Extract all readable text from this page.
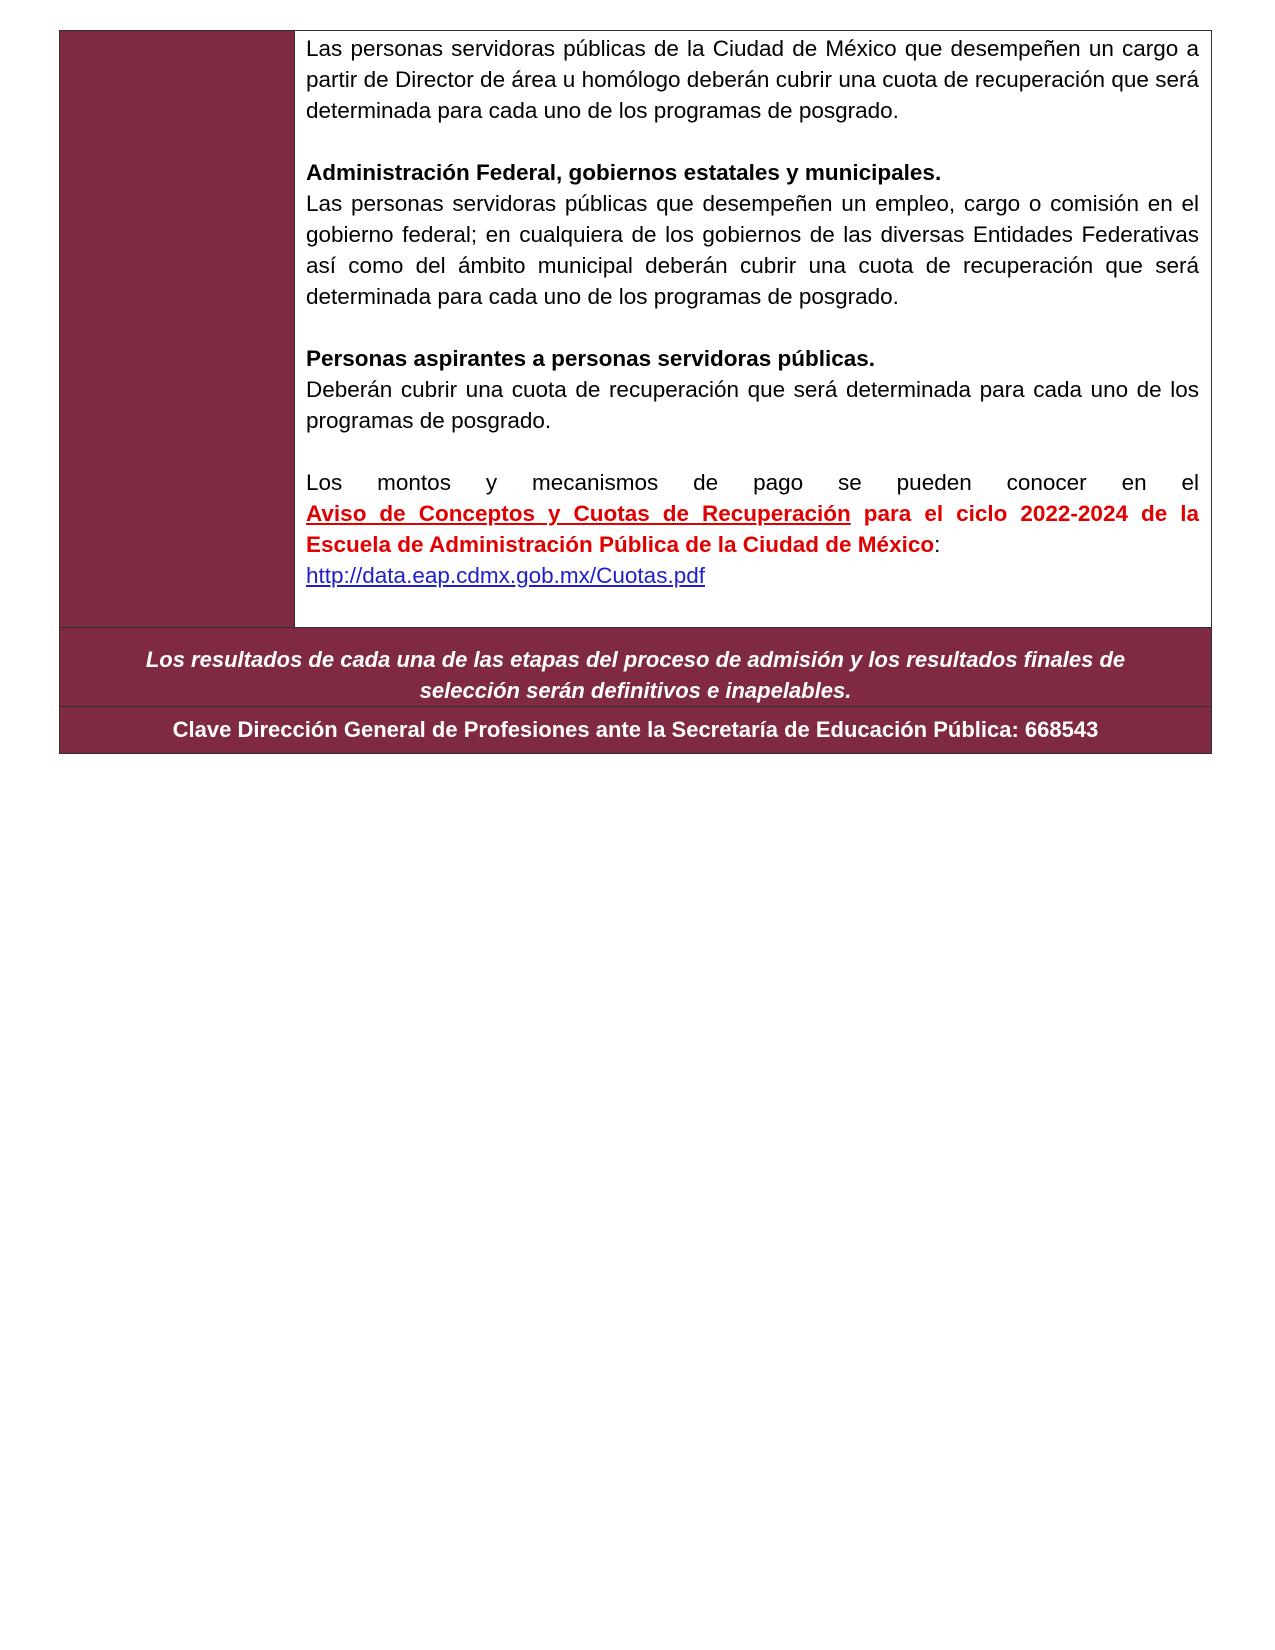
Las personas servidoras públicas de la Ciudad de México que desempeñen un cargo a partir de Director de área u homólogo deberán cubrir una cuota de recuperación que será determinada para cada uno de los programas de posgrado.

Administración Federal, gobiernos estatales y municipales.

Las personas servidoras públicas que desempeñen un empleo, cargo o comisión en el gobierno federal; en cualquiera de los gobiernos de las diversas Entidades Federativas así como del ámbito municipal deberán cubrir una cuota de recuperación que será determinada para cada uno de los programas de posgrado.

Personas aspirantes a personas servidoras públicas.

Deberán cubrir una cuota de recuperación que será determinada para cada uno de los programas de posgrado.

Los montos y mecanismos de pago se pueden conocer en el

Aviso de Conceptos y Cuotas de Recuperación para el ciclo 2022-2024 de la Escuela de Administración Pública de la Ciudad de México:

http://data.eap.cdmx.gob.mx/Cuotas.pdf

Los resultados de cada una de las etapas del proceso de admisión y los resultados finales de selección serán definitivos e inapelables.
Clave Dirección General de Profesiones ante la Secretaría de Educación Pública: 668543
